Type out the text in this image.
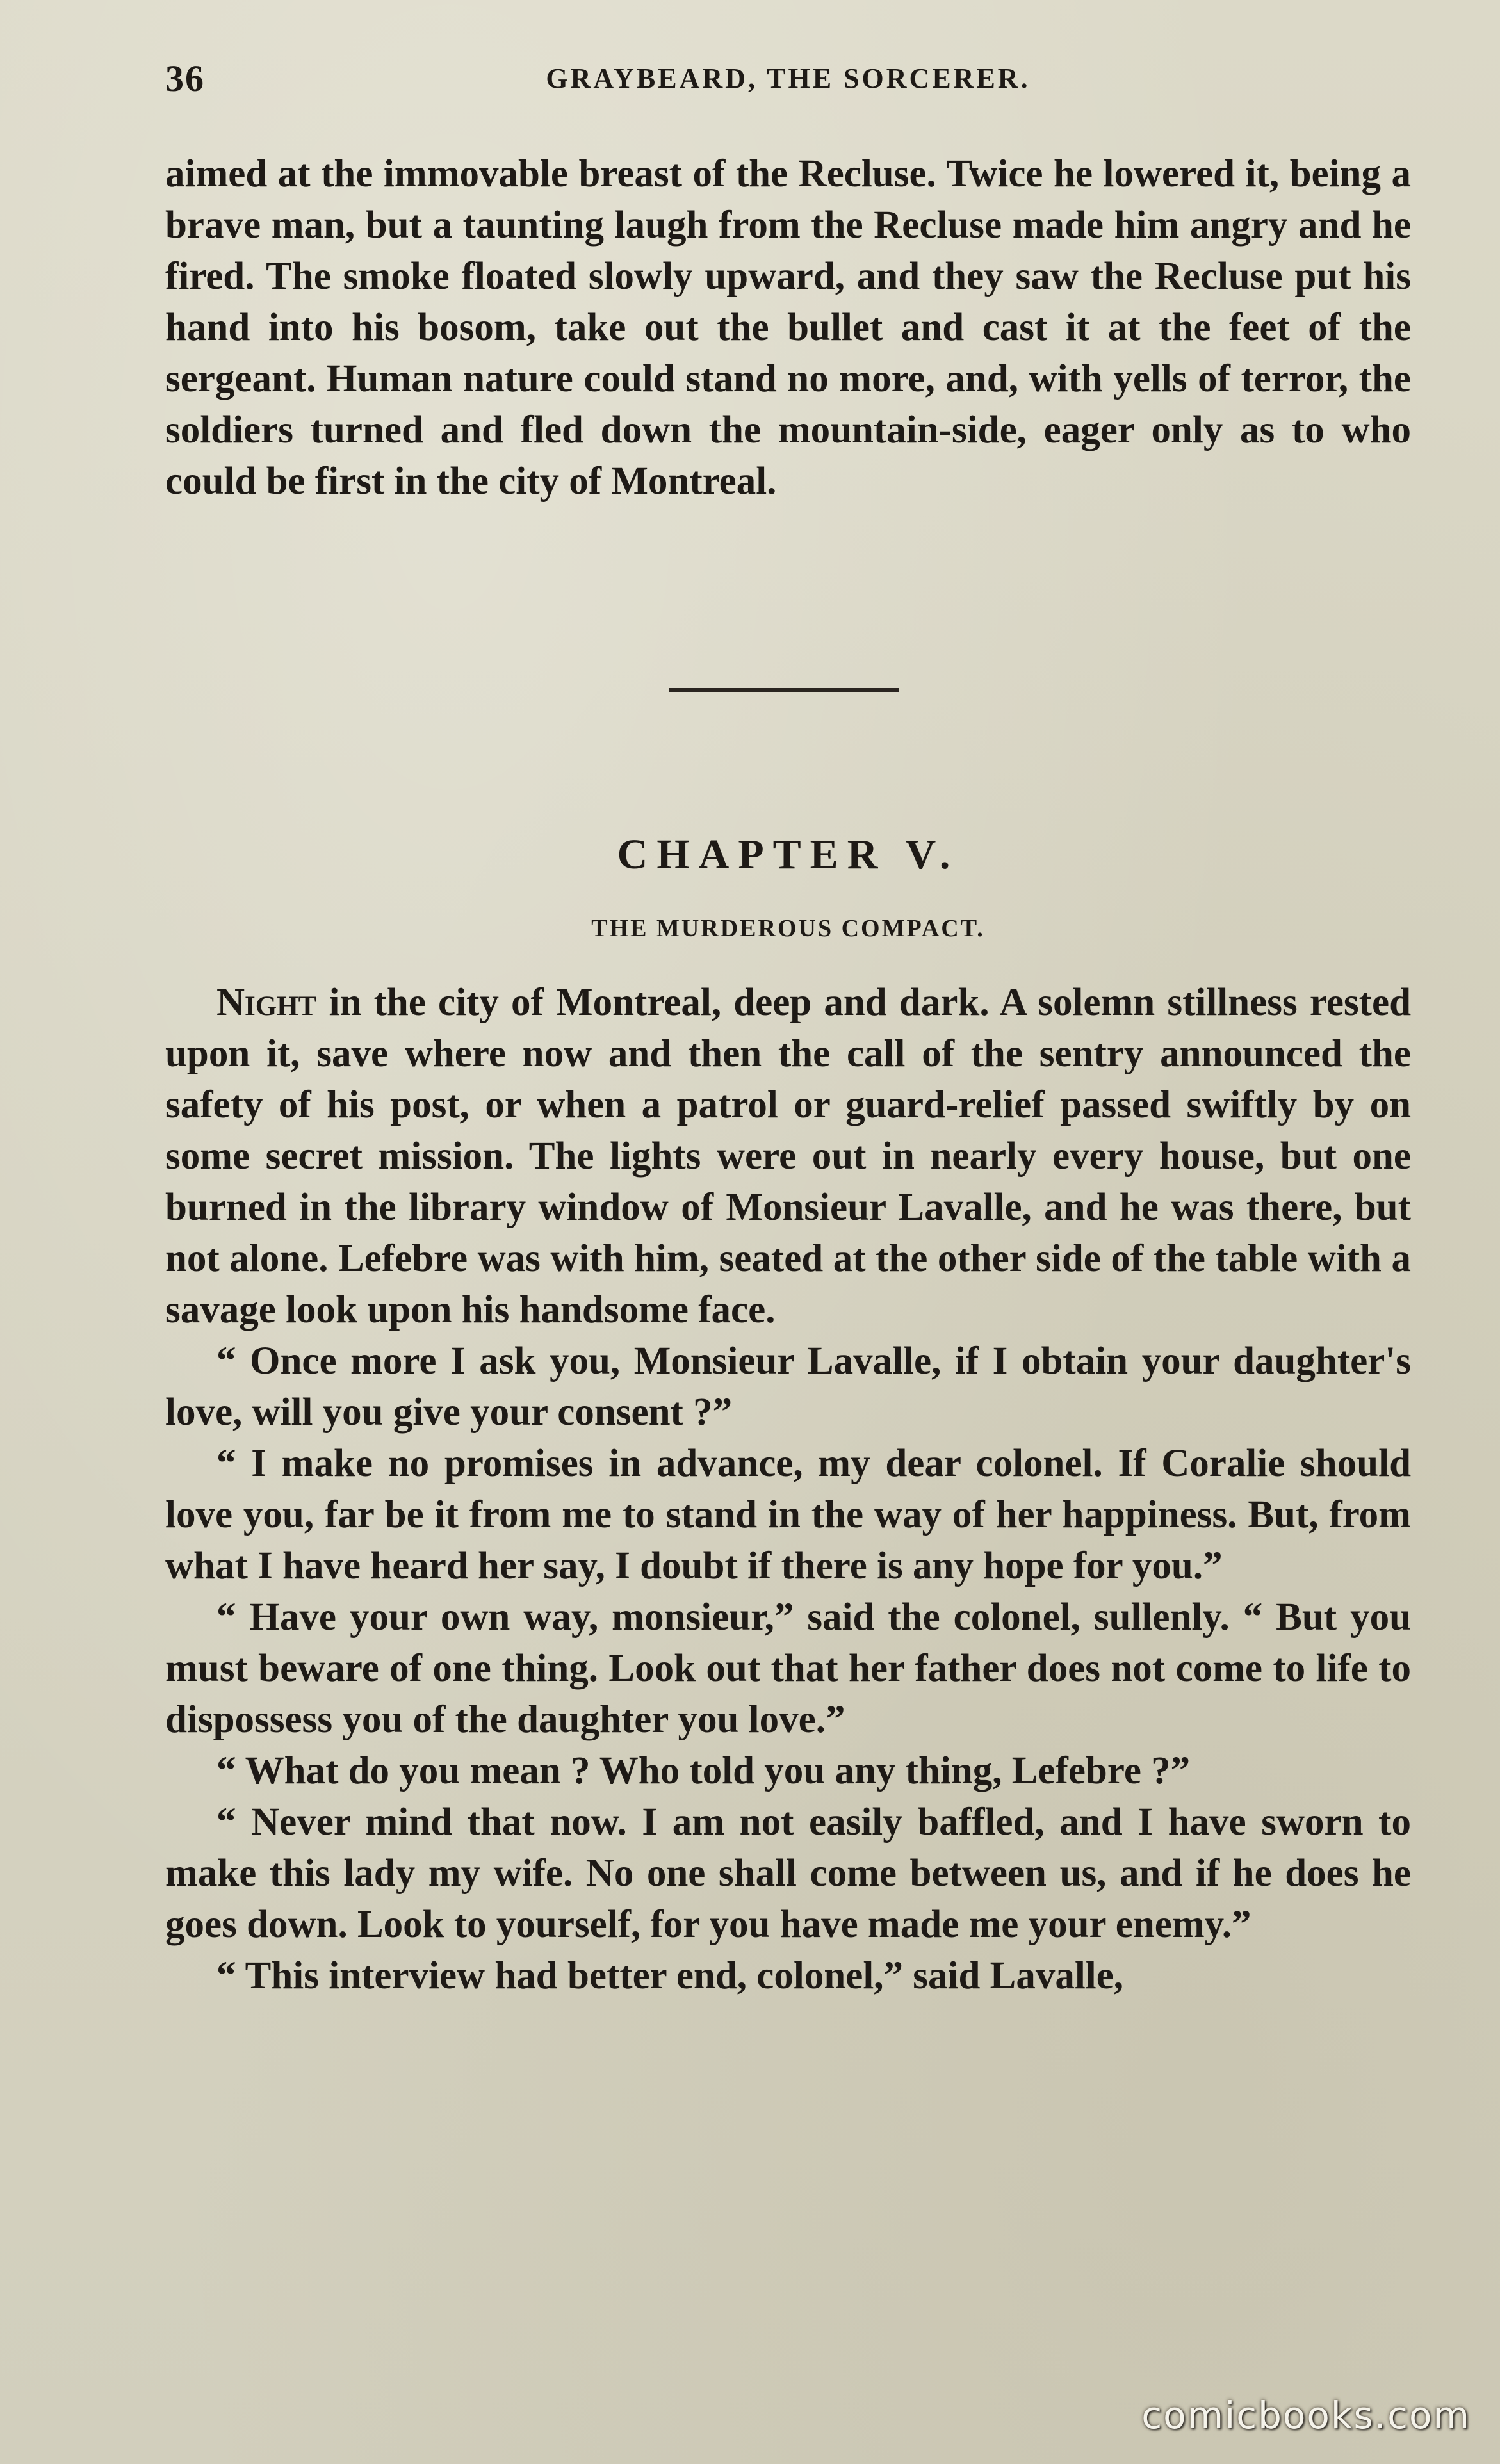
36	GRAYBEARD, THE SORCERER.

aimed at the immovable breast of the Recluse. Twice he lowered it, being a brave man, but a taunting laugh from the Recluse made him angry and he fired. The smoke floated slowly upward, and they saw the Recluse put his hand into his bosom, take out the bullet and cast it at the feet of the sergeant. Human nature could stand no more, and, with yells of terror, the soldiers turned and fled down the mountain-side, eager only as to who could be first in the city of Montreal.

CHAPTER V.
THE MURDEROUS COMPACT.

Night in the city of Montreal, deep and dark. A solemn stillness rested upon it, save where now and then the call of the sentry announced the safety of his post, or when a patrol or guard-relief passed swiftly by on some secret mission. The lights were out in nearly every house, but one burned in the library window of Monsieur Lavalle, and he was there, but not alone. Lefebre was with him, seated at the other side of the table with a savage look upon his handsome face.

“ Once more I ask you, Monsieur Lavalle, if I obtain your daughter's love, will you give your consent ?”

“ I make no promises in advance, my dear colonel. If Coralie should love you, far be it from me to stand in the way of her happiness. But, from what I have heard her say, I doubt if there is any hope for you.”

“ Have your own way, monsieur,” said the colonel, sullenly. “ But you must beware of one thing. Look out that her father does not come to life to dispossess you of the daughter you love.”

“ What do you mean ? Who told you any thing, Lefebre ?”

“ Never mind that now. I am not easily baffled, and I have sworn to make this lady my wife. No one shall come between us, and if he does he goes down. Look to yourself, for you have made me your enemy.”

“ This interview had better end, colonel,” said Lavalle,

comicbooks.com
